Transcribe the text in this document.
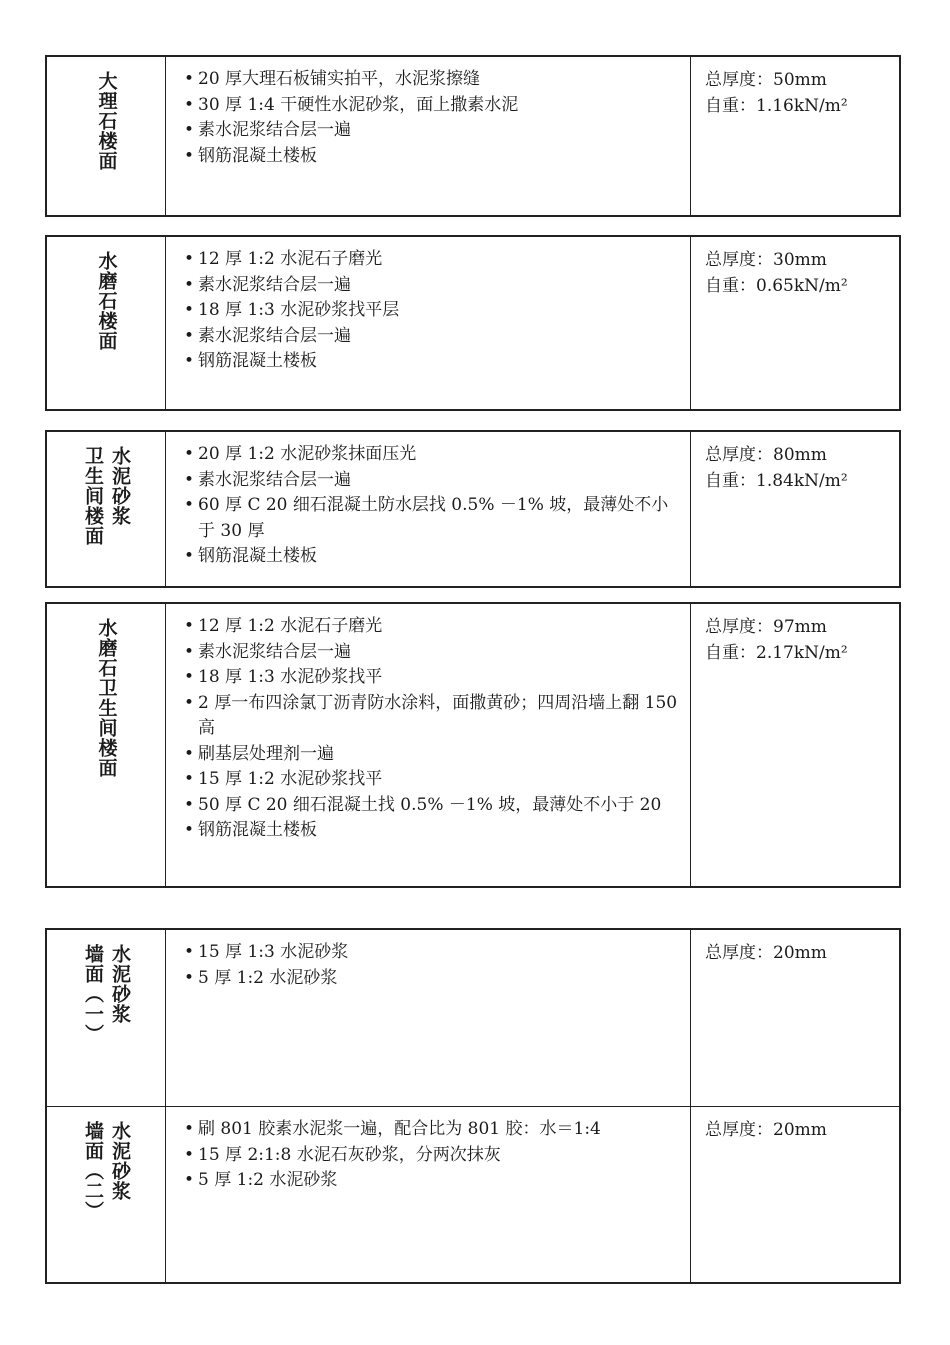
大理石楼面	• 20 厚大理石板铺实拍平，水泥浆擦缝
• 30 厚 1:4 干硬性水泥砂浆，面上撒素水泥
• 素水泥浆结合层一遍
• 钢筋混凝土楼板
总厚度：50mm
自重：1.16kN/m²
水磨石楼面	• 12 厚 1:2 水泥石子磨光
• 素水泥浆结合层一遍
• 18 厚 1:3 水泥砂浆找平层
• 素水泥浆结合层一遍
• 钢筋混凝土楼板
总厚度：30mm
自重：0.65kN/m²
卫生间楼面 水泥砂浆	• 20 厚 1:2 水泥砂浆抹面压光
• 素水泥浆结合层一遍
• 60 厚 C 20 细石混凝土防水层找 0.5% －1% 坡，最薄处不小于 30 厚
• 钢筋混凝土楼板
总厚度：80mm
自重：1.84kN/m²
水磨石卫生间楼面	• 12 厚 1:2 水泥石子磨光
• 素水泥浆结合层一遍
• 18 厚 1:3 水泥砂浆找平
• 2 厚一布四涂氯丁沥青防水涂料，面撒黄砂；四周沿墙上翻 150 高
• 刷基层处理剂一遍
• 15 厚 1:2 水泥砂浆找平
• 50 厚 C 20 细石混凝土找 0.5% －1% 坡，最薄处不小于 20
• 钢筋混凝土楼板
总厚度：97mm
自重：2.17kN/m²
墙面︵一︶ 水泥砂浆	• 15 厚 1:3 水泥砂浆
• 5 厚 1:2 水泥砂浆
总厚度：20mm
墙面︵二︶ 水泥砂浆	• 刷 801 胶素水泥浆一遍，配合比为 801 胶：水＝1:4
• 15 厚 2:1:8 水泥石灰砂浆，分两次抹灰
• 5 厚 1:2 水泥砂浆
总厚度：20mm
